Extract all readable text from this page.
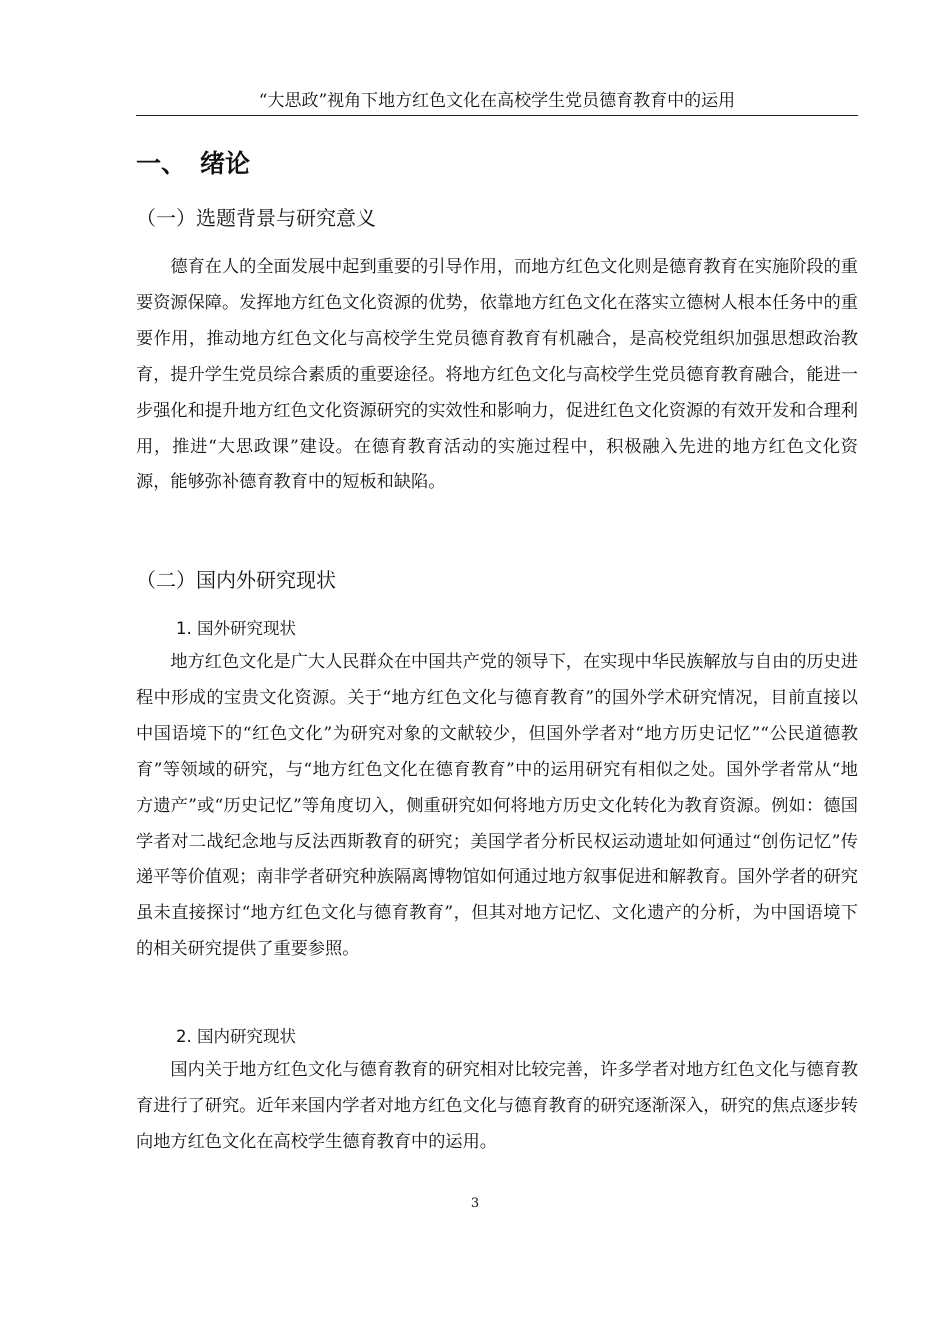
“大思政”视角下地方红色文化在高校学生党员德育教育中的运用
一、 绪论
（一）选题背景与研究意义
德育在人的全面发展中起到重要的引导作用，而地方红色文化则是德育教育在实施阶段的重要资源保障。发挥地方红色文化资源的优势，依靠地方红色文化在落实立德树人根本任务中的重要作用，推动地方红色文化与高校学生党员德育教育有机融合，是高校党组织加强思想政治教育，提升学生党员综合素质的重要途径。将地方红色文化与高校学生党员德育教育融合，能进一步强化和提升地方红色文化资源研究的实效性和影响力，促进红色文化资源的有效开发和合理利用，推进“大思政课”建设。在德育教育活动的实施过程中，积极融入先进的地方红色文化资源，能够弥补德育教育中的短板和缺陷。
（二）国内外研究现状
1. 国外研究现状
地方红色文化是广大人民群众在中国共产党的领导下，在实现中华民族解放与自由的历史进程中形成的宝贵文化资源。关于“地方红色文化与德育教育”的国外学术研究情况，目前直接以中国语境下的“红色文化”为研究对象的文献较少，但国外学者对“地方历史记忆”“公民道德教育”等领域的研究，与“地方红色文化在德育教育”中的运用研究有相似之处。国外学者常从“地方遗产”或“历史记忆”等角度切入，侧重研究如何将地方历史文化转化为教育资源。例如：德国学者对二战纪念地与反法西斯教育的研究；美国学者分析民权运动遗址如何通过“创伤记忆”传递平等价值观；南非学者研究种族隔离博物馆如何通过地方叙事促进和解教育。国外学者的研究虽未直接探讨“地方红色文化与德育教育”，但其对地方记忆、文化遗产的分析，为中国语境下的相关研究提供了重要参照。
2. 国内研究现状
国内关于地方红色文化与德育教育的研究相对比较完善，许多学者对地方红色文化与德育教育进行了研究。近年来国内学者对地方红色文化与德育教育的研究逐渐深入，研究的焦点逐步转向地方红色文化在高校学生德育教育中的运用。
3
